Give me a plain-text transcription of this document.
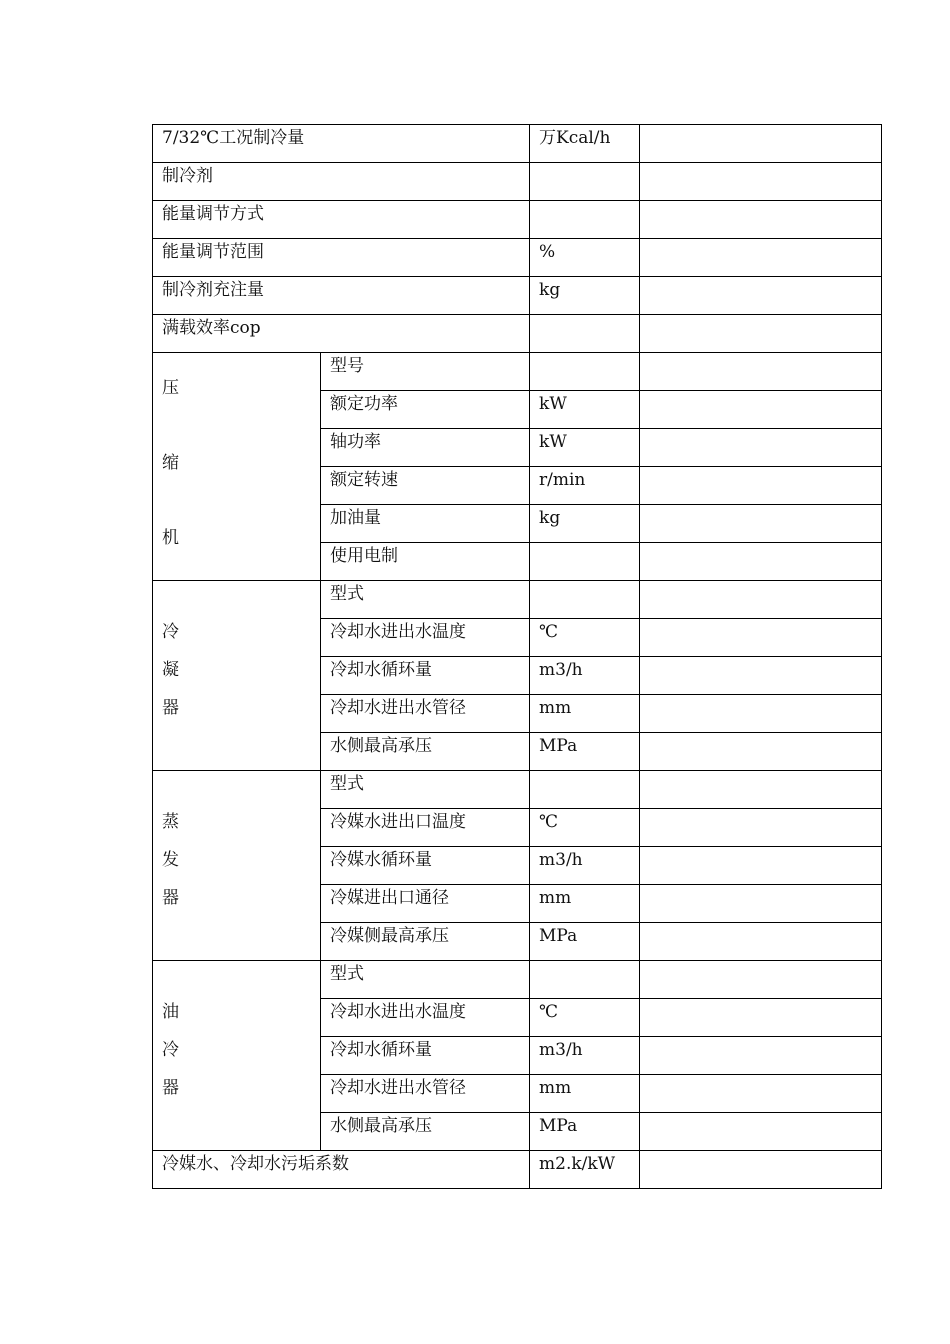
7/32℃工况制冷量		万Kcal/h	
制冷剂			
能量调节方式			
能量调节范围		%	
制冷剂充注量		kg	
满载效率cop			

压
缩
机	型号		
	额定功率	kW	
	轴功率	kW	
	额定转速	r/min	
	加油量	kg	
	使用电制		

冷
凝
器	型式		
	冷却水进出水温度	℃	
	冷却水循环量	m3/h	
	冷却水进出水管径	mm	
	水侧最高承压	MPa	

蒸
发
器	型式		
	冷媒水进出口温度	℃	
	冷媒水循环量	m3/h	
	冷媒进出口通径	mm	
	冷媒侧最高承压	MPa	

油
冷
器	型式		
	冷却水进出水温度	℃	
	冷却水循环量	m3/h	
	冷却水进出水管径	mm	
	水侧最高承压	MPa	
冷媒水、冷却水污垢系数		m2.k/kW	
